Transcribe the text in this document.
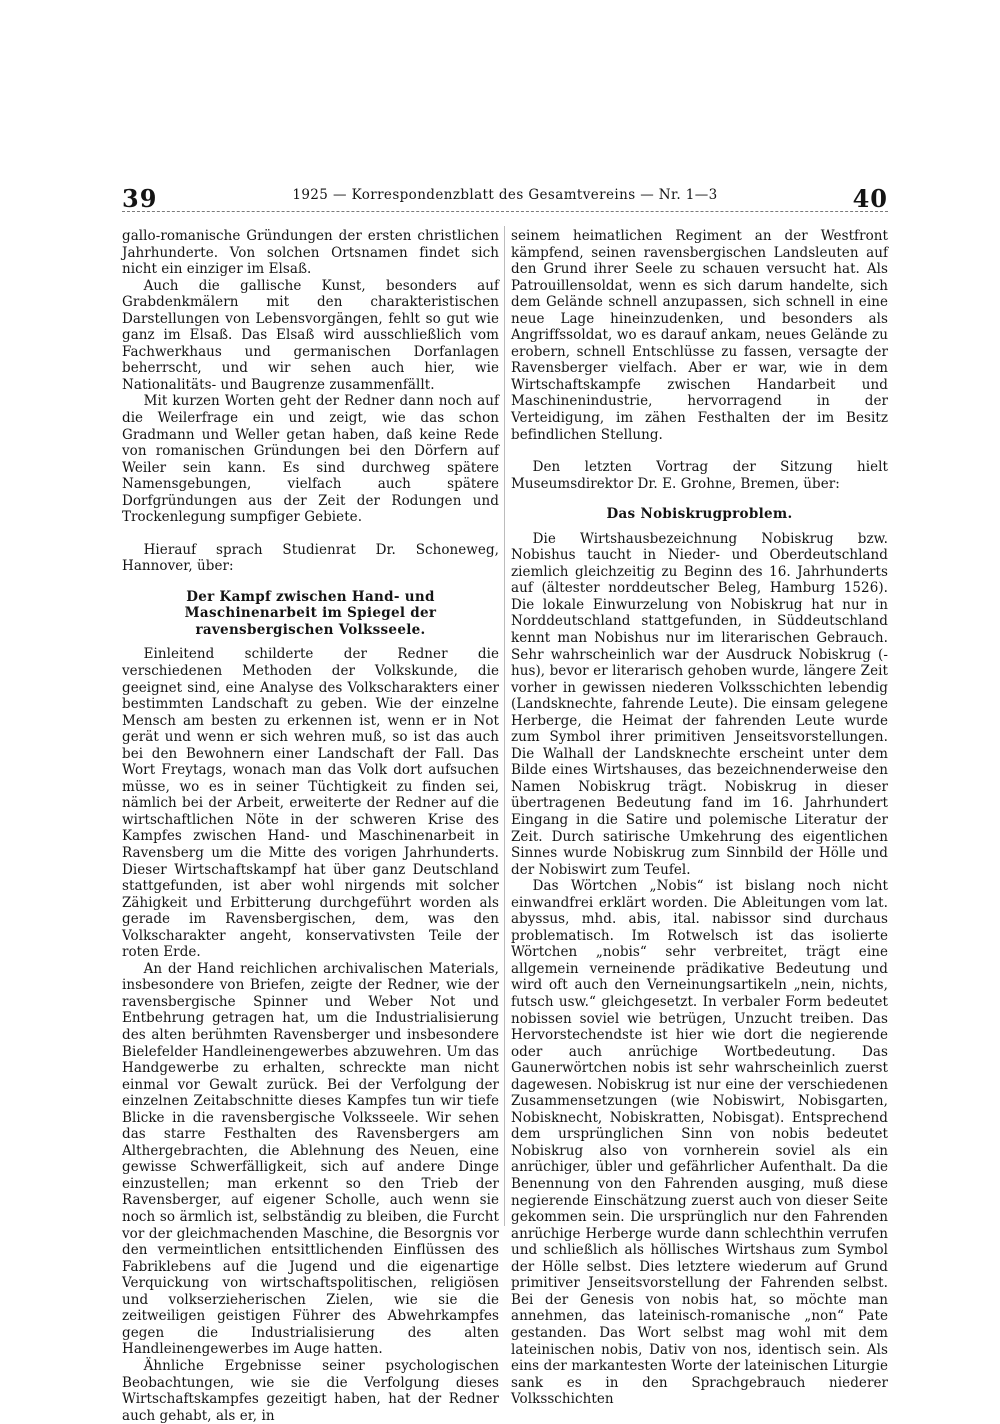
39	1925 — Korrespondenzblatt des Gesamtvereins — Nr. 1—3	40

gallo-romanische Gründungen der ersten christlichen Jahrhunderte. Von solchen Ortsnamen findet sich nicht ein einziger im Elsaß.

Auch die gallische Kunst, besonders auf Grabdenkmälern mit den charakteristischen Darstellungen von Lebensvorgängen, fehlt so gut wie ganz im Elsaß. Das Elsaß wird ausschließlich vom Fachwerkhaus und germanischen Dorfanlagen beherrscht, und wir sehen auch hier, wie Nationalitäts- und Baugrenze zusammenfällt.

Mit kurzen Worten geht der Redner dann noch auf die Weilerfrage ein und zeigt, wie das schon Gradmann und Weller getan haben, daß keine Rede von romanischen Gründungen bei den Dörfern auf Weiler sein kann. Es sind durchweg spätere Namensgebungen, vielfach auch spätere Dorfgründungen aus der Zeit der Rodungen und Trockenlegung sumpfiger Gebiete.

Hierauf sprach Studienrat Dr. Schoneweg, Hannover, über:

Der Kampf zwischen Hand- und Maschinenarbeit im Spiegel der ravensbergischen Volksseele.

Einleitend schilderte der Redner die verschiedenen Methoden der Volkskunde, die geeignet sind, eine Analyse des Volkscharakters einer bestimmten Landschaft zu geben. Wie der einzelne Mensch am besten zu erkennen ist, wenn er in Not gerät und wenn er sich wehren muß, so ist das auch bei den Bewohnern einer Landschaft der Fall. Das Wort Freytags, wonach man das Volk dort aufsuchen müsse, wo es in seiner Tüchtigkeit zu finden sei, nämlich bei der Arbeit, erweiterte der Redner auf die wirtschaftlichen Nöte in der schweren Krise des Kampfes zwischen Hand- und Maschinenarbeit in Ravensberg um die Mitte des vorigen Jahrhunderts. Dieser Wirtschaftskampf hat über ganz Deutschland stattgefunden, ist aber wohl nirgends mit solcher Zähigkeit und Erbitterung durchgeführt worden als gerade im Ravensbergischen, dem, was den Volkscharakter angeht, konservativsten Teile der roten Erde.

An der Hand reichlichen archivalischen Materials, insbesondere von Briefen, zeigte der Redner, wie der ravensbergische Spinner und Weber Not und Entbehrung getragen hat, um die Industrialisierung des alten berühmten Ravensberger und insbesondere Bielefelder Handleinengewerbes abzuwehren. Um das Handgewerbe zu erhalten, schreckte man nicht einmal vor Gewalt zurück. Bei der Verfolgung der einzelnen Zeitabschnitte dieses Kampfes tun wir tiefe Blicke in die ravensbergische Volksseele. Wir sehen das starre Festhalten des Ravensbergers am Althergebrachten, die Ablehnung des Neuen, eine gewisse Schwerfälligkeit, sich auf andere Dinge einzustellen; man erkennt so den Trieb der Ravensberger, auf eigener Scholle, auch wenn sie noch so ärmlich ist, selbständig zu bleiben, die Furcht vor der gleichmachenden Maschine, die Besorgnis vor den vermeintlichen entsittlichenden Einflüssen des Fabriklebens auf die Jugend und die eigenartige Verquickung von wirtschaftspolitischen, religiösen und volkserzieherischen Zielen, wie sie die zeitweiligen geistigen Führer des Abwehrkampfes gegen die Industrialisierung des alten Handleinengewerbes im Auge hatten.

Ähnliche Ergebnisse seiner psychologischen Beobachtungen, wie sie die Verfolgung dieses Wirtschaftskampfes gezeitigt haben, hat der Redner auch gehabt, als er, in

seinem heimatlichen Regiment an der Westfront kämpfend, seinen ravensbergischen Landsleuten auf den Grund ihrer Seele zu schauen versucht hat. Als Patrouillensoldat, wenn es sich darum handelte, sich dem Gelände schnell anzupassen, sich schnell in eine neue Lage hineinzudenken, und besonders als Angriffssoldat, wo es darauf ankam, neues Gelände zu erobern, schnell Entschlüsse zu fassen, versagte der Ravensberger vielfach. Aber er war, wie in dem Wirtschaftskampfe zwischen Handarbeit und Maschinenindustrie, hervorragend in der Verteidigung, im zähen Festhalten der im Besitz befindlichen Stellung.

Den letzten Vortrag der Sitzung hielt Museumsdirektor Dr. E. Grohne, Bremen, über:

Das Nobiskrugproblem.

Die Wirtshausbezeichnung Nobiskrug bzw. Nobishus taucht in Nieder- und Oberdeutschland ziemlich gleichzeitig zu Beginn des 16. Jahrhunderts auf (ältester norddeutscher Beleg, Hamburg 1526). Die lokale Einwurzelung von Nobiskrug hat nur in Norddeutschland stattgefunden, in Süddeutschland kennt man Nobishus nur im literarischen Gebrauch. Sehr wahrscheinlich war der Ausdruck Nobiskrug (-hus), bevor er literarisch gehoben wurde, längere Zeit vorher in gewissen niederen Volksschichten lebendig (Landsknechte, fahrende Leute). Die einsam gelegene Herberge, die Heimat der fahrenden Leute wurde zum Symbol ihrer primitiven Jenseitsvorstellungen. Die Walhall der Landsknechte erscheint unter dem Bilde eines Wirtshauses, das bezeichnenderweise den Namen Nobiskrug trägt. Nobiskrug in dieser übertragenen Bedeutung fand im 16. Jahrhundert Eingang in die Satire und polemische Literatur der Zeit. Durch satirische Umkehrung des eigentlichen Sinnes wurde Nobiskrug zum Sinnbild der Hölle und der Nobiswirt zum Teufel.

Das Wörtchen „Nobis“ ist bislang noch nicht einwandfrei erklärt worden. Die Ableitungen vom lat. abyssus, mhd. abis, ital. nabissor sind durchaus problematisch. Im Rotwelsch ist das isolierte Wörtchen „nobis“ sehr verbreitet, trägt eine allgemein verneinende prädikative Bedeutung und wird oft auch den Verneinungsartikeln „nein, nichts, futsch usw.“ gleichgesetzt. In verbaler Form bedeutet nobissen soviel wie betrügen, Unzucht treiben. Das Hervorstechendste ist hier wie dort die negierende oder auch anrüchige Wortbedeutung. Das Gaunerwörtchen nobis ist sehr wahrscheinlich zuerst dagewesen. Nobiskrug ist nur eine der verschiedenen Zusammensetzungen (wie Nobiswirt, Nobisgarten, Nobisknecht, Nobiskratten, Nobisgat). Entsprechend dem ursprünglichen Sinn von nobis bedeutet Nobiskrug also von vornherein soviel als ein anrüchiger, übler und gefährlicher Aufenthalt. Da die Benennung von den Fahrenden ausging, muß diese negierende Einschätzung zuerst auch von dieser Seite gekommen sein. Die ursprünglich nur den Fahrenden anrüchige Herberge wurde dann schlechthin verrufen und schließlich als höllisches Wirtshaus zum Symbol der Hölle selbst. Dies letztere wiederum auf Grund primitiver Jenseitsvorstellung der Fahrenden selbst. Bei der Genesis von nobis hat, so möchte man annehmen, das lateinisch-romanische „non“ Pate gestanden. Das Wort selbst mag wohl mit dem lateinischen nobis, Dativ von nos, identisch sein. Als eins der markantesten Worte der lateinischen Liturgie sank es in den Sprachgebrauch niederer Volksschichten
